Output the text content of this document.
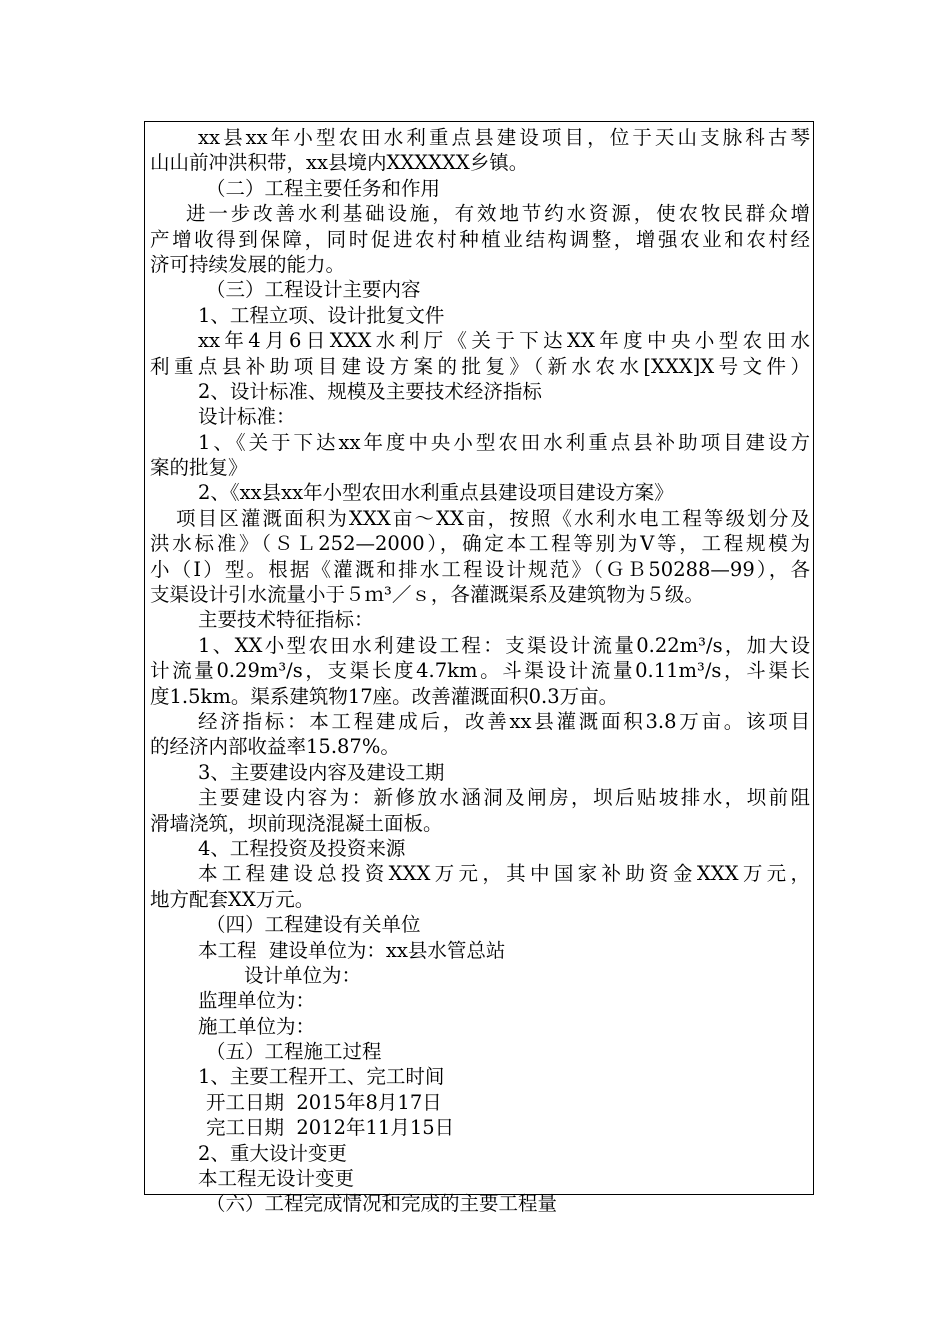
xx县xx年小型农田水利重点县建设项目，位于天山支脉科古琴
山山前冲洪积带，xx县境内XXXXXX乡镇。
（二）工程主要任务和作用
进一步改善水利基础设施，有效地节约水资源，使农牧民群众增
产增收得到保障，同时促进农村种植业结构调整，增强农业和农村经
济可持续发展的能力。
（三）工程设计主要内容
1、工程立项、设计批复文件
xx年4月6日XXX水利厅《关于下达XX年度中央小型农田水
利重点县补助项目建设方案的批复》（新水农水[XXX]X号文件）
2、设计标准、规模及主要技术经济指标
设计标准：
1、《关于下达xx年度中央小型农田水利重点县补助项目建设方
案的批复》
2、《xx县xx年小型农田水利重点县建设项目建设方案》
项目区灌溉面积为XXX亩～XX亩，按照《水利水电工程等级划分及
洪水标准》（ＳＬ252—2000），确定本工程等别为Ⅴ等，工程规模为
小（Ⅰ）型。根据《灌溉和排水工程设计规范》（ＧＢ50288—99），各
支渠设计引水流量小于５ｍ³／ｓ，各灌溉渠系及建筑物为５级。
主要技术特征指标：
1、XX小型农田水利建设工程：支渠设计流量0.22m³/s，加大设
计流量0.29m³/s，支渠长度4.7km。斗渠设计流量0.11m³/s，斗渠长
度1.5km。渠系建筑物17座。改善灌溉面积0.3万亩。
经济指标：本工程建成后，改善xx县灌溉面积3.8万亩。该项目
的经济内部收益率15.87%。
3、主要建设内容及建设工期
主要建设内容为：新修放水涵洞及闸房，坝后贴坡排水，坝前阻
滑墙浇筑，坝前现浇混凝土面板。
4、工程投资及投资来源
本工程建设总投资XXX万元，其中国家补助资金XXX万元，
地方配套XX万元。
（四）工程建设有关单位
本工程  建设单位为：xx县水管总站
设计单位为：
监理单位为：
施工单位为：
（五）工程施工过程
1、主要工程开工、完工时间
开工日期  2015年8月17日
完工日期  2012年11月15日
2、重大设计变更
本工程无设计变更
（六）工程完成情况和完成的主要工程量
